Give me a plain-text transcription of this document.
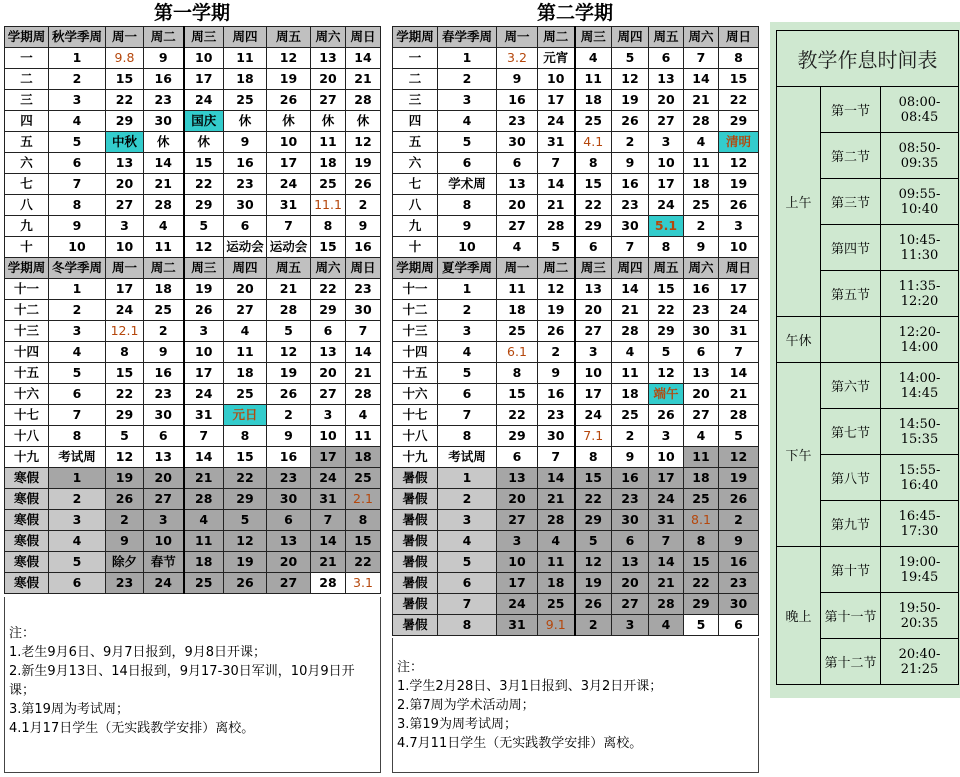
第一学期
学期周	秋学季周	周一	周二	周三	周四	周五	周六	周日
一	1	9.8	9	10	11	12	13	14
二	2	15	16	17	18	19	20	21
三	3	22	23	24	25	26	27	28
四	4	29	30	国庆	休	休	休	休
五	5	中秋	休	休	9	10	11	12
六	6	13	14	15	16	17	18	19
七	7	20	21	22	23	24	25	26
八	8	27	28	29	30	31	11.1	2
九	9	3	4	5	6	7	8	9
十	10	10	11	12	运动会	运动会	15	16
学期周	冬学季周	周一	周二	周三	周四	周五	周六	周日
十一	1	17	18	19	20	21	22	23
十二	2	24	25	26	27	28	29	30
十三	3	12.1	2	3	4	5	6	7
十四	4	8	9	10	11	12	13	14
十五	5	15	16	17	18	19	20	21
十六	6	22	23	24	25	26	27	28
十七	7	29	30	31	元日	2	3	4
十八	8	5	6	7	8	9	10	11
十九	考试周	12	13	14	15	16	17	18
寒假	1	19	20	21	22	23	24	25
寒假	2	26	27	28	29	30	31	2.1
寒假	3	2	3	4	5	6	7	8
寒假	4	9	10	11	12	13	14	15
寒假	5	除夕	春节	18	19	20	21	22
寒假	6	23	24	25	26	27	28	3.1
注：
1.老生9月6日、9月7日报到，9月8日开课；
2.新生9月13日、14日报到，9月17-30日军训，10月9日开课；
3.第19周为考试周；
4.1月17日学生（无实践教学安排）离校。
第二学期
学期周	春学季周	周一	周二	周三	周四	周五	周六	周日
一	1	3.2	元宵	4	5	6	7	8
二	2	9	10	11	12	13	14	15
三	3	16	17	18	19	20	21	22
四	4	23	24	25	26	27	28	29
五	5	30	31	4.1	2	3	4	清明
六	6	6	7	8	9	10	11	12
七	学术周	13	14	15	16	17	18	19
八	8	20	21	22	23	24	25	26
九	9	27	28	29	30	5.1	2	3
十	10	4	5	6	7	8	9	10
学期周	夏学季周	周一	周二	周三	周四	周五	周六	周日
十一	1	11	12	13	14	15	16	17
十二	2	18	19	20	21	22	23	24
十三	3	25	26	27	28	29	30	31
十四	4	6.1	2	3	4	5	6	7
十五	5	8	9	10	11	12	13	14
十六	6	15	16	17	18	端午	20	21
十七	7	22	23	24	25	26	27	28
十八	8	29	30	7.1	2	3	4	5
十九	考试周	6	7	8	9	10	11	12
暑假	1	13	14	15	16	17	18	19
暑假	2	20	21	22	23	24	25	26
暑假	3	27	28	29	30	31	8.1	2
暑假	4	3	4	5	6	7	8	9
暑假	5	10	11	12	13	14	15	16
暑假	6	17	18	19	20	21	22	23
暑假	7	24	25	26	27	28	29	30
暑假	8	31	9.1	2	3	4	5	6
注：
1.学生2月28日、3月1日报到、3月2日开课；
2.第7周为学术活动周；
3.第19为周考试周；
4.7月11日学生（无实践教学安排）离校。
教学作息时间表		
上午	第一节	08:00-08:45
	第二节	08:50-09:35
	第三节	09:55-10:40
	第四节	10:45-11:30
	第五节	11:35-12:20
午休		12:20-14:00
下午	第六节	14:00-14:45
	第七节	14:50-15:35
	第八节	15:55-16:40
	第九节	16:45-17:30
晚上	第十节	19:00-19:45
	第十一节	19:50-20:35
	第十二节	20:40-21:25
